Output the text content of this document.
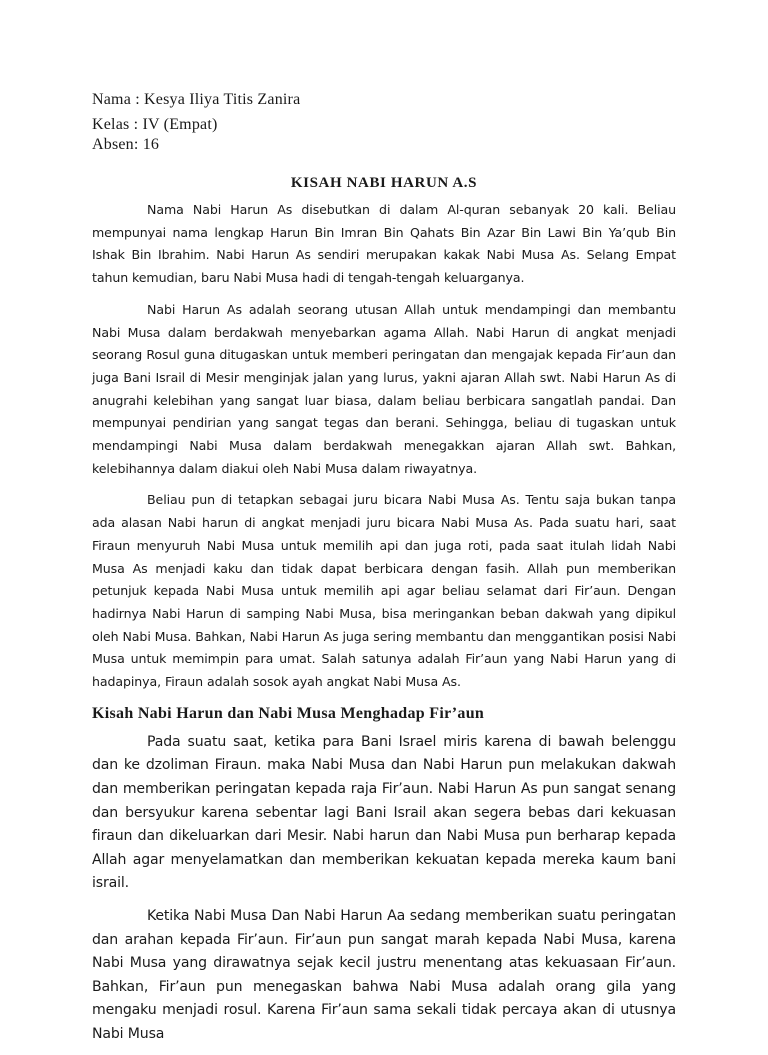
Nama : Kesya Iliya Titis Zanira

Kelas : IV (Empat)

Absen: 16

KISAH NABI HARUN A.S

Nama Nabi Harun As disebutkan di dalam Al-quran sebanyak 20 kali. Beliau mempunyai nama lengkap Harun Bin Imran Bin Qahats Bin Azar Bin Lawi Bin Ya’qub Bin Ishak Bin Ibrahim. Nabi Harun As sendiri merupakan kakak Nabi Musa As. Selang Empat tahun kemudian, baru Nabi Musa hadi di tengah-tengah keluarganya.

Nabi Harun As adalah seorang utusan Allah untuk mendampingi dan membantu Nabi Musa dalam berdakwah menyebarkan agama Allah. Nabi Harun di angkat menjadi seorang Rosul guna ditugaskan untuk memberi peringatan dan mengajak kepada Fir’aun dan juga Bani Israil di Mesir menginjak jalan yang lurus, yakni ajaran Allah swt. Nabi Harun As di anugrahi kelebihan yang sangat luar biasa, dalam beliau berbicara sangatlah pandai. Dan mempunyai pendirian yang sangat tegas dan berani. Sehingga, beliau di tugaskan untuk mendampingi Nabi Musa dalam berdakwah menegakkan ajaran Allah swt. Bahkan, kelebihannya dalam diakui oleh Nabi Musa dalam riwayatnya.

Beliau pun di tetapkan sebagai juru bicara Nabi Musa As. Tentu saja bukan tanpa ada alasan Nabi harun di angkat menjadi juru bicara Nabi Musa As. Pada suatu hari, saat Firaun menyuruh Nabi Musa untuk memilih api dan juga roti, pada saat itulah lidah Nabi Musa As menjadi kaku dan tidak dapat berbicara dengan fasih. Allah pun memberikan petunjuk kepada Nabi Musa untuk memilih api agar beliau selamat dari Fir’aun. Dengan hadirnya Nabi Harun di samping Nabi Musa, bisa meringankan beban dakwah yang dipikul oleh Nabi Musa. Bahkan, Nabi Harun As juga sering membantu dan menggantikan posisi Nabi Musa untuk memimpin para umat. Salah satunya adalah Fir’aun yang Nabi Harun yang di hadapinya, Firaun adalah sosok ayah angkat Nabi Musa As.

Kisah Nabi Harun dan Nabi Musa Menghadap Fir’aun

Pada suatu saat, ketika para Bani Israel miris karena di bawah belenggu dan ke dzoliman Firaun. maka Nabi Musa dan Nabi Harun pun melakukan dakwah dan memberikan peringatan kepada raja Fir’aun. Nabi Harun As pun sangat senang dan bersyukur karena sebentar lagi Bani Israil akan segera bebas dari kekuasan firaun dan dikeluarkan dari Mesir. Nabi harun dan Nabi Musa pun berharap kepada Allah agar menyelamatkan dan memberikan kekuatan kepada mereka kaum bani israil.

Ketika Nabi Musa Dan Nabi Harun Aa sedang memberikan suatu peringatan dan arahan kepada Fir’aun. Fir’aun pun sangat marah kepada Nabi Musa, karena Nabi Musa yang dirawatnya sejak kecil justru menentang atas kekuasaan Fir’aun. Bahkan, Fir’aun pun menegaskan bahwa Nabi Musa adalah orang gila yang mengaku menjadi rosul. Karena Fir’aun sama sekali tidak percaya akan di utusnya Nabi Musa
